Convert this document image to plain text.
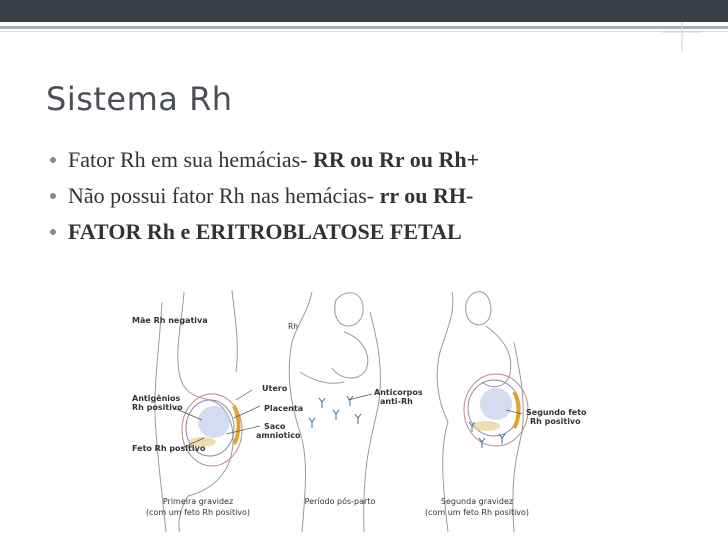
Sistema Rh
Fator Rh em sua hemácias- RR ou Rr ou Rh+
Não possui fator Rh nas hemácias- rr ou RH-
FATOR Rh e ERITROBLATOSE FETAL
Mãe Rh negativa
Rh
Utero
Antigênios
Rh positivo	Placenta
Saco
amniotico
Feto Rh positivo
Anticorpos
anti-Rh
Segundo feto
Rh positivo
Primeira gravidez
(com um feto Rh positivo)
Período pós-parto	Segunda gravidez
(com um feto Rh positivo)
